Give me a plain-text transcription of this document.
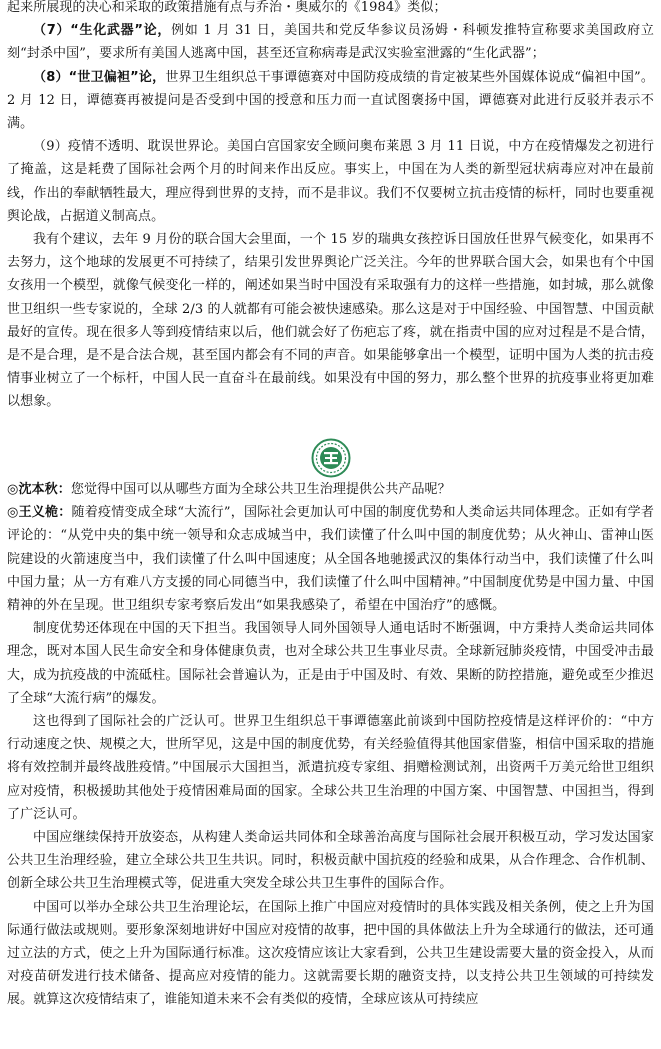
起来所展现的决心和采取的政策措施有点与乔治・奥威尔的《1984》类似；

（7）“生化武器”论，例如 1 月 31 日，美国共和党反华参议员汤姆・科顿发推特宣称要求美国政府立刻“封杀中国”，要求所有美国人逃离中国，甚至还宣称病毒是武汉实验室泄露的“生化武器”；

（8）“世卫偏袒”论，世界卫生组织总干事谭德赛对中国防疫成绩的肯定被某些外国媒体说成“偏袒中国”。2 月 12 日，谭德赛再被提问是否受到中国的授意和压力而一直试图褒扬中国，谭德赛对此进行反驳并表示不满。

（9）疫情不透明、耽误世界论。美国白宫国家安全顾问奥布莱恩 3 月 11 日说，中方在疫情爆发之初进行了掩盖，这是耗费了国际社会两个月的时间来作出反应。事实上，中国在为人类的新型冠状病毒应对冲在最前线，作出的奉献牺牲最大，理应得到世界的支持，而不是非议。我们不仅要树立抗击疫情的标杆，同时也要重视舆论战，占据道义制高点。

我有个建议，去年 9 月份的联合国大会里面，一个 15 岁的瑞典女孩控诉日国放任世界气候变化，如果再不去努力，这个地球的发展更不可持续了，结果引发世界舆论广泛关注。今年的世界联合国大会，如果也有个中国女孩用一个模型，就像气候变化一样的，阐述如果当时中国没有采取强有力的这样一些措施，如封城，那么就像世卫组织一些专家说的，全球 2/3 的人就都有可能会被快速感染。那么这是对于中国经验、中国智慧、中国贡献最好的宣传。现在很多人等到疫情结束以后，他们就会好了伤疤忘了疼，就在指责中国的应对过程是不是合情，是不是合理，是不是合法合规，甚至国内都会有不同的声音。如果能够拿出一个模型，证明中国为人类的抗击疫情事业树立了一个标杆，中国人民一直奋斗在最前线。如果没有中国的努力，那么整个世界的抗疫事业将更加难以想象。

◎沈本秋：您觉得中国可以从哪些方面为全球公共卫生治理提供公共产品呢？

◎王义桅：随着疫情变成全球“大流行”，国际社会更加认可中国的制度优势和人类命运共同体理念。正如有学者评论的：“从党中央的集中统一领导和众志成城当中，我们读懂了什么叫中国的制度优势；从火神山、雷神山医院建设的火箭速度当中，我们读懂了什么叫中国速度；从全国各地驰援武汉的集体行动当中，我们读懂了什么叫中国力量；从一方有难八方支援的同心同德当中，我们读懂了什么叫中国精神。”中国制度优势是中国力量、中国精神的外在呈现。世卫组织专家考察后发出“如果我感染了，希望在中国治疗”的感慨。

制度优势还体现在中国的天下担当。我国领导人同外国领导人通电话时不断强调，中方秉持人类命运共同体理念，既对本国人民生命安全和身体健康负责，也对全球公共卫生事业尽责。全球新冠肺炎疫情，中国受冲击最大，成为抗疫战的中流砥柱。国际社会普遍认为，正是由于中国及时、有效、果断的防控措施，避免或至少推迟了全球“大流行病”的爆发。

这也得到了国际社会的广泛认可。世界卫生组织总干事谭德塞此前谈到中国防控疫情是这样评价的：“中方行动速度之快、规模之大，世所罕见，这是中国的制度优势，有关经验值得其他国家借鉴，相信中国采取的措施将有效控制并最终战胜疫情。”中国展示大国担当，派遣抗疫专家组、捐赠检测试剂，出资两千万美元给世卫组织应对疫情，积极援助其他处于疫情困难局面的国家。全球公共卫生治理的中国方案、中国智慧、中国担当，得到了广泛认可。

中国应继续保持开放姿态，从构建人类命运共同体和全球善治高度与国际社会展开积极互动，学习发达国家公共卫生治理经验，建立全球公共卫生共识。同时，积极贡献中国抗疫的经验和成果，从合作理念、合作机制、创新全球公共卫生治理模式等，促进重大突发全球公共卫生事件的国际合作。

中国可以举办全球公共卫生治理论坛，在国际上推广中国应对疫情时的具体实践及相关条例，使之上升为国际通行做法或规则。要形象深刻地讲好中国应对疫情的故事，把中国的具体做法上升为全球通行的做法，还可通过立法的方式，使之上升为国际通行标准。这次疫情应该让大家看到，公共卫生建设需要大量的资金投入，从而对疫苗研发进行技术储备、提高应对疫情的能力。这就需要长期的融资支持，以支持公共卫生领域的可持续发展。就算这次疫情结束了，谁能知道未来不会有类似的疫情，全球应该从可持续应
